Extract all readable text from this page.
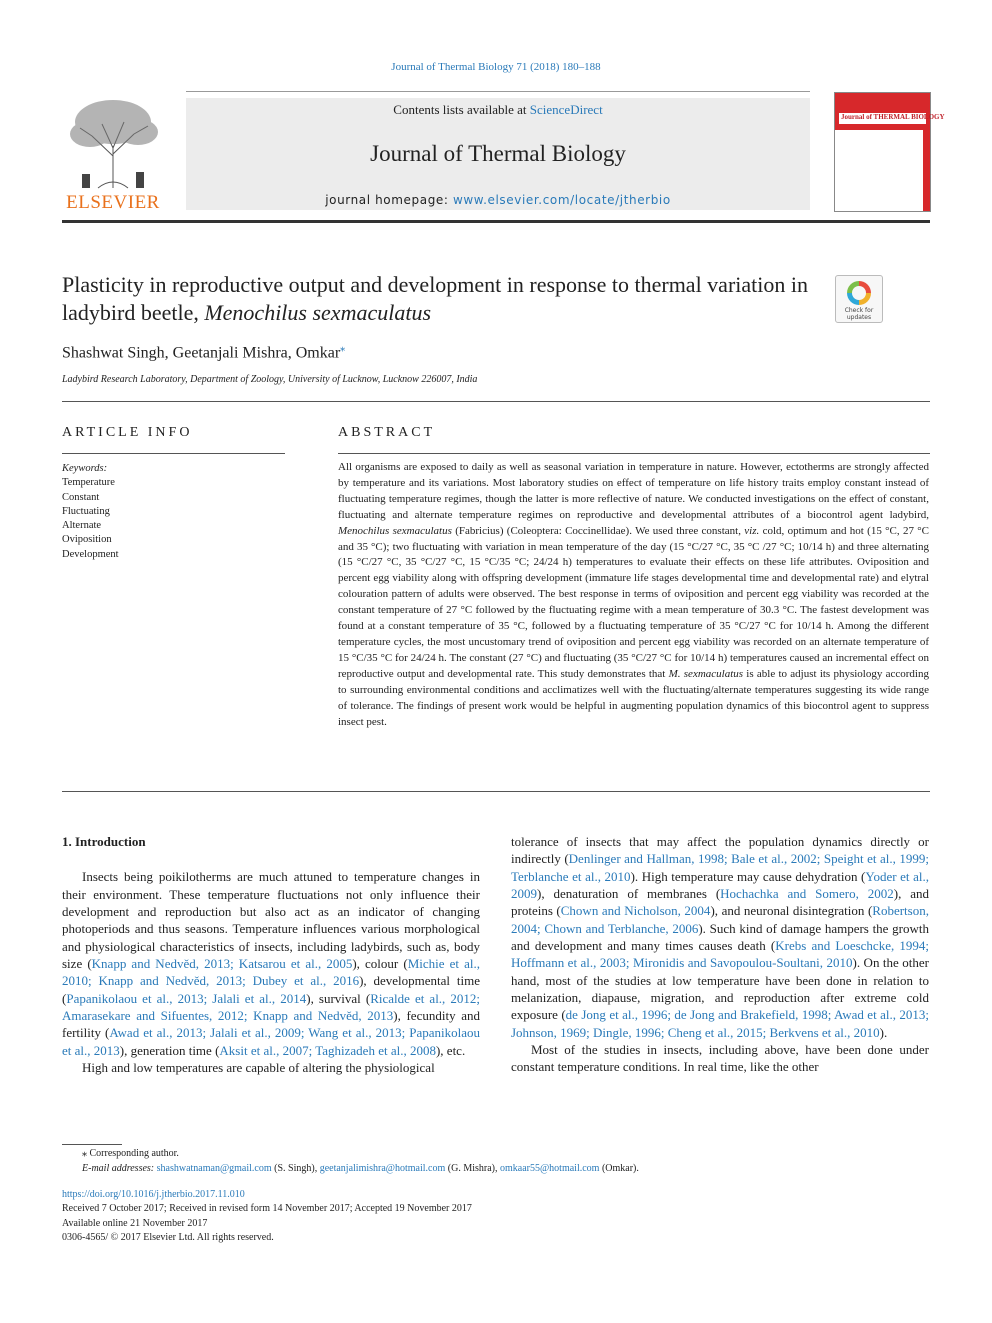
Journal of Thermal Biology 71 (2018) 180–188
ELSEVIER
Contents lists available at ScienceDirect
Journal of Thermal Biology
journal homepage: www.elsevier.com/locate/jtherbio
Journal of THERMAL BIOLOGY
Plasticity in reproductive output and development in response to thermal variation in ladybird beetle, Menochilus sexmaculatus	Check for updates
Shashwat Singh, Geetanjali Mishra, Omkar⁎
Ladybird Research Laboratory, Department of Zoology, University of Lucknow, Lucknow 226007, India
ARTICLE INFO
Keywords:
Temperature
Constant
Fluctuating
Alternate
Oviposition
Development
ABSTRACT
All organisms are exposed to daily as well as seasonal variation in temperature in nature. However, ectotherms are strongly affected by temperature and its variations. Most laboratory studies on effect of temperature on life history traits employ constant instead of fluctuating temperature regimes, though the latter is more reflective of nature. We conducted investigations on the effect of constant, fluctuating and alternate temperature regimes on reproductive and developmental attributes of a biocontrol agent ladybird, Menochilus sexmaculatus (Fabricius) (Coleoptera: Coccinellidae). We used three constant, viz. cold, optimum and hot (15 °C, 27 °C and 35 °C); two fluctuating with variation in mean temperature of the day (15 °C/27 °C, 35 °C /27 °C; 10/14 h) and three alternating (15 °C/27 °C, 35 °C/27 °C, 15 °C/35 °C; 24/24 h) temperatures to evaluate their effects on these life attributes. Oviposition and percent egg viability along with offspring development (immature life stages developmental time and developmental rate) and elytral colouration pattern of adults were observed. The best response in terms of oviposition and percent egg viability was recorded at the constant temperature of 27 °C followed by the fluctuating regime with a mean temperature of 30.3 °C. The fastest development was found at a constant temperature of 35 °C, followed by a fluctuating temperature of 35 °C/27 °C for 10/14 h. Among the different temperature cycles, the most uncustomary trend of oviposition and percent egg viability was recorded on an alternate temperature of 15 °C/35 °C for 24/24 h. The constant (27 °C) and fluctuating (35 °C/27 °C for 10/14 h) temperatures caused an incremental effect on reproductive output and developmental rate. This study demonstrates that M. sexmaculatus is able to adjust its physiology according to surrounding environmental conditions and acclimatizes well with the fluctuating/alternate temperatures suggesting its wide range of tolerance. The findings of present work would be helpful in augmenting population dynamics of this biocontrol agent to suppress insect pest.
1. Introduction

Insects being poikilotherms are much attuned to temperature changes in their environment. These temperature fluctuations not only influence their development and reproduction but also act as an indicator of changing photoperiods and thus seasons. Temperature influences various morphological and physiological characteristics of insects, including ladybirds, such as, body size (Knapp and Nedvěd, 2013; Katsarou et al., 2005), colour (Michie et al., 2010; Knapp and Nedvěd, 2013; Dubey et al., 2016), developmental time (Papanikolaou et al., 2013; Jalali et al., 2014), survival (Ricalde et al., 2012; Amarasekare and Sifuentes, 2012; Knapp and Nedvěd, 2013), fecundity and fertility (Awad et al., 2013; Jalali et al., 2009; Wang et al., 2013; Papanikolaou et al., 2013), generation time (Aksit et al., 2007; Taghizadeh et al., 2008), etc.

High and low temperatures are capable of altering the physiological

tolerance of insects that may affect the population dynamics directly or indirectly (Denlinger and Hallman, 1998; Bale et al., 2002; Speight et al., 1999; Terblanche et al., 2010). High temperature may cause dehydration (Yoder et al., 2009), denaturation of membranes (Hochachka and Somero, 2002), and proteins (Chown and Nicholson, 2004), and neuronal disintegration (Robertson, 2004; Chown and Terblanche, 2006). Such kind of damage hampers the growth and development and many times causes death (Krebs and Loeschcke, 1994; Hoffmann et al., 2003; Mironidis and Savopoulou-Soultani, 2010). On the other hand, most of the studies at low temperature have been done in relation to melanization, diapause, migration, and reproduction after extreme cold exposure (de Jong et al., 1996; de Jong and Brakefield, 1998; Awad et al., 2013; Johnson, 1969; Dingle, 1996; Cheng et al., 2015; Berkvens et al., 2010).

Most of the studies in insects, including above, have been done under constant temperature conditions. In real time, like the other

⁎ Corresponding author.
E-mail addresses: shashwatnaman@gmail.com (S. Singh), geetanjalimishra@hotmail.com (G. Mishra), omkaar55@hotmail.com (Omkar).
https://doi.org/10.1016/j.jtherbio.2017.11.010
Received 7 October 2017; Received in revised form 14 November 2017; Accepted 19 November 2017
Available online 21 November 2017
0306-4565/ © 2017 Elsevier Ltd. All rights reserved.
